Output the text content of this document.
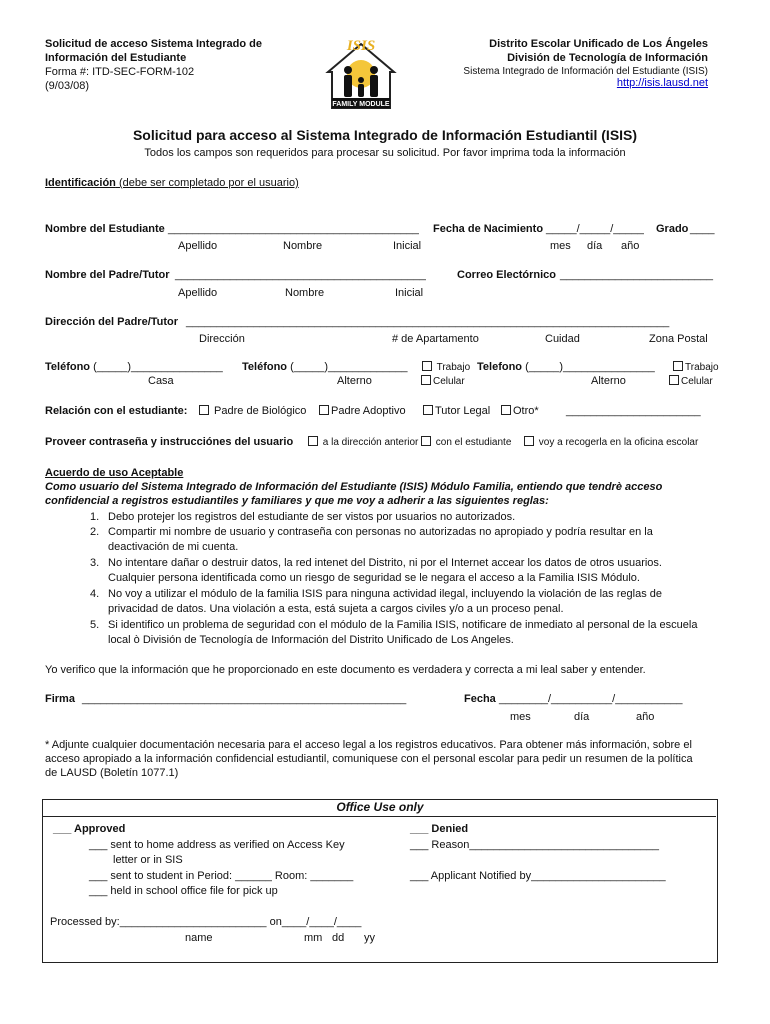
Solicitud de acceso Sistema Integrado de
Información del Estudiante
Forma #: ITD-SEC-FORM-102
(9/03/08)
ISIS
FAMILY MODULE
Distrito Escolar Unificado de Los Ángeles
División de Tecnología de Información
Sistema Integrado de Información del Estudiante (ISIS)
http://isis.lausd.net
Solicitud para acceso al Sistema Integrado de Información Estudiantil (ISIS)
Todos los campos son requeridos para procesar su solicitud. Por favor imprima toda la información
Identificación (debe ser completado por el usuario)
Nombre del Estudiante _________________________________________ Fecha de Nacimiento _____/_____/_____ Grado ____
Apellido	Nombre	Inicial	mes día año
Nombre del Padre/Tutor _________________________________________	Correo Electórnico _________________________
Apellido	Nombre	Inicial
Dirección del Padre/Tutor _______________________________________________________________________________
Dirección	# de Apartamento	Cuidad	Zona Postal
Teléfono (_____)_______________ Teléfono (_____)_____________	Trabajo Telefono (_____)_______________	Trabajo
Casa	Alterno	Celular	Alterno	Celular
Relación con el estudiante:	Padre de Biológico	Padre Adoptivo	Tutor Legal	Otro* ______________________
Proveer contraseña y instrucciónes del usuario	a la dirección anterior	con el estudiante	voy a recogerla en la oficina escolar
Acuerdo de uso Aceptable
Como usuario del Sistema Integrado de Información del Estudiante (ISIS) Módulo Familia, entiendo que tendrè acceso
confidencial a registros estudiantiles y familiares y que me voy a adherir a las siguientes reglas:
1. Debo protejer los registros del estudiante de ser vistos por usuarios no autorizados.
2. Compartir mi nombre de usuario y contraseña con personas no autorizadas no apropiado y podría resultar en la
deactivación de mi cuenta.
3. No intentare dañar o destruir datos, la red intenet del Distrito, ni por el Internet accear los datos de otros usuarios.
Cualquier persona identificada como un riesgo de seguridad se le negara el acceso a la Familia ISIS Módulo.
4. No voy a utilizar el módulo de la familia ISIS para ninguna actividad ilegal, incluyendo la violación de las reglas de
privacidad de datos. Una violación a esta, está sujeta a cargos civiles y/o a un proceso penal.
5. Si identifico un problema de seguridad con el módulo de la Familia ISIS, notificare de inmediato al personal de la escuela
local ò División de Tecnología de Información del Distrito Unificado de Los Angeles.
Yo verifico que la información que he proporcionado en este documento es verdadera y correcta a mi leal saber y entender.
Firma _____________________________________________________	Fecha ________/__________/___________
mes	día	año
* Adjunte cualquier documentación necesaria para el acceso legal a los registros educativos. Para obtener más información, sobre el
acceso apropiado a la información confidencial estudiantil, comuniquese con el personal escolar para pedir un resumen de la política
de LAUSD (Boletín 1077.1)
Office Use only
___ Approved
___ sent to home address as verified on Access Key
letter or in SIS
___ sent to student in Period: ______ Room: _______
___ held in school office file for pick up
___ Denied
___ Reason_______________________________
___ Applicant Notified by______________________
Processed by:________________________ on____/____/____
name	mm dd yy
